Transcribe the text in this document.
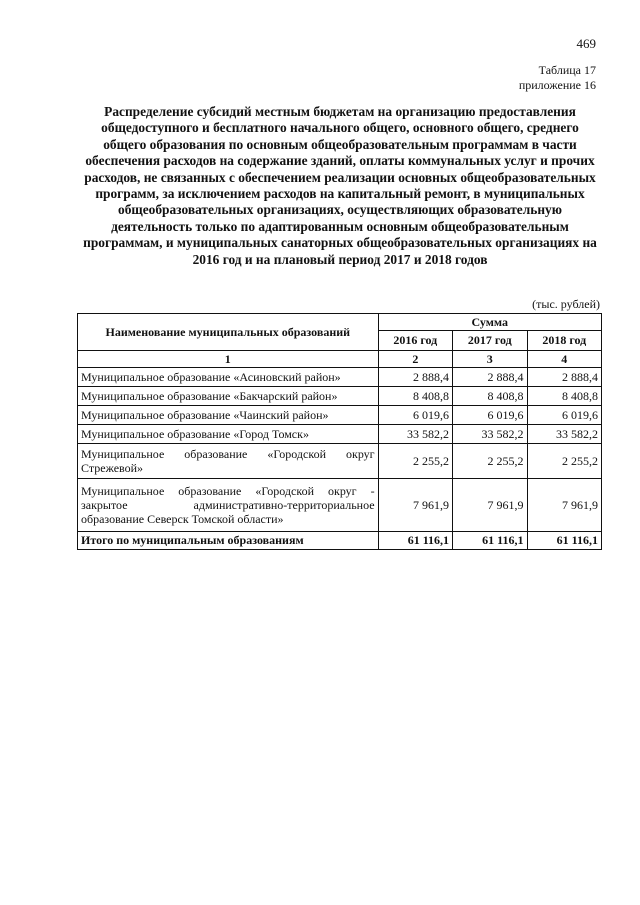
469
Таблица 17
приложение 16
Распределение субсидий местным бюджетам на организацию предоставления общедоступного и бесплатного начального общего, основного общего, среднего общего образования по основным общеобразовательным программам в части обеспечения расходов на содержание зданий, оплаты коммунальных услуг и прочих расходов, не связанных с обеспечением реализации основных общеобразовательных программ, за исключением расходов на капитальный ремонт, в муниципальных общеобразовательных организациях, осуществляющих образовательную деятельность только по адаптированным основным общеобразовательным программам, и муниципальных санаторных общеобразовательных организациях на 2016 год и на плановый период 2017 и 2018 годов
(тыс. рублей)
Наименование муниципальных образований	Сумма		
	2016 год	2017 год	2018 год
1	2	3	4
Муниципальное образование «Асиновский район»	2 888,4	2 888,4	2 888,4
Муниципальное образование «Бакчарский район»	8 408,8	8 408,8	8 408,8
Муниципальное образование «Чаинский район»	6 019,6	6 019,6	6 019,6
Муниципальное образование «Город Томск»	33 582,2	33 582,2	33 582,2
Муниципальное образование «Городской округ Стрежевой»	2 255,2	2 255,2	2 255,2
Муниципальное образование «Городской округ - закрытое административно-территориальное образование Северск Томской области»	7 961,9	7 961,9	7 961,9
Итого по муниципальным образованиям	61 116,1	61 116,1	61 116,1
